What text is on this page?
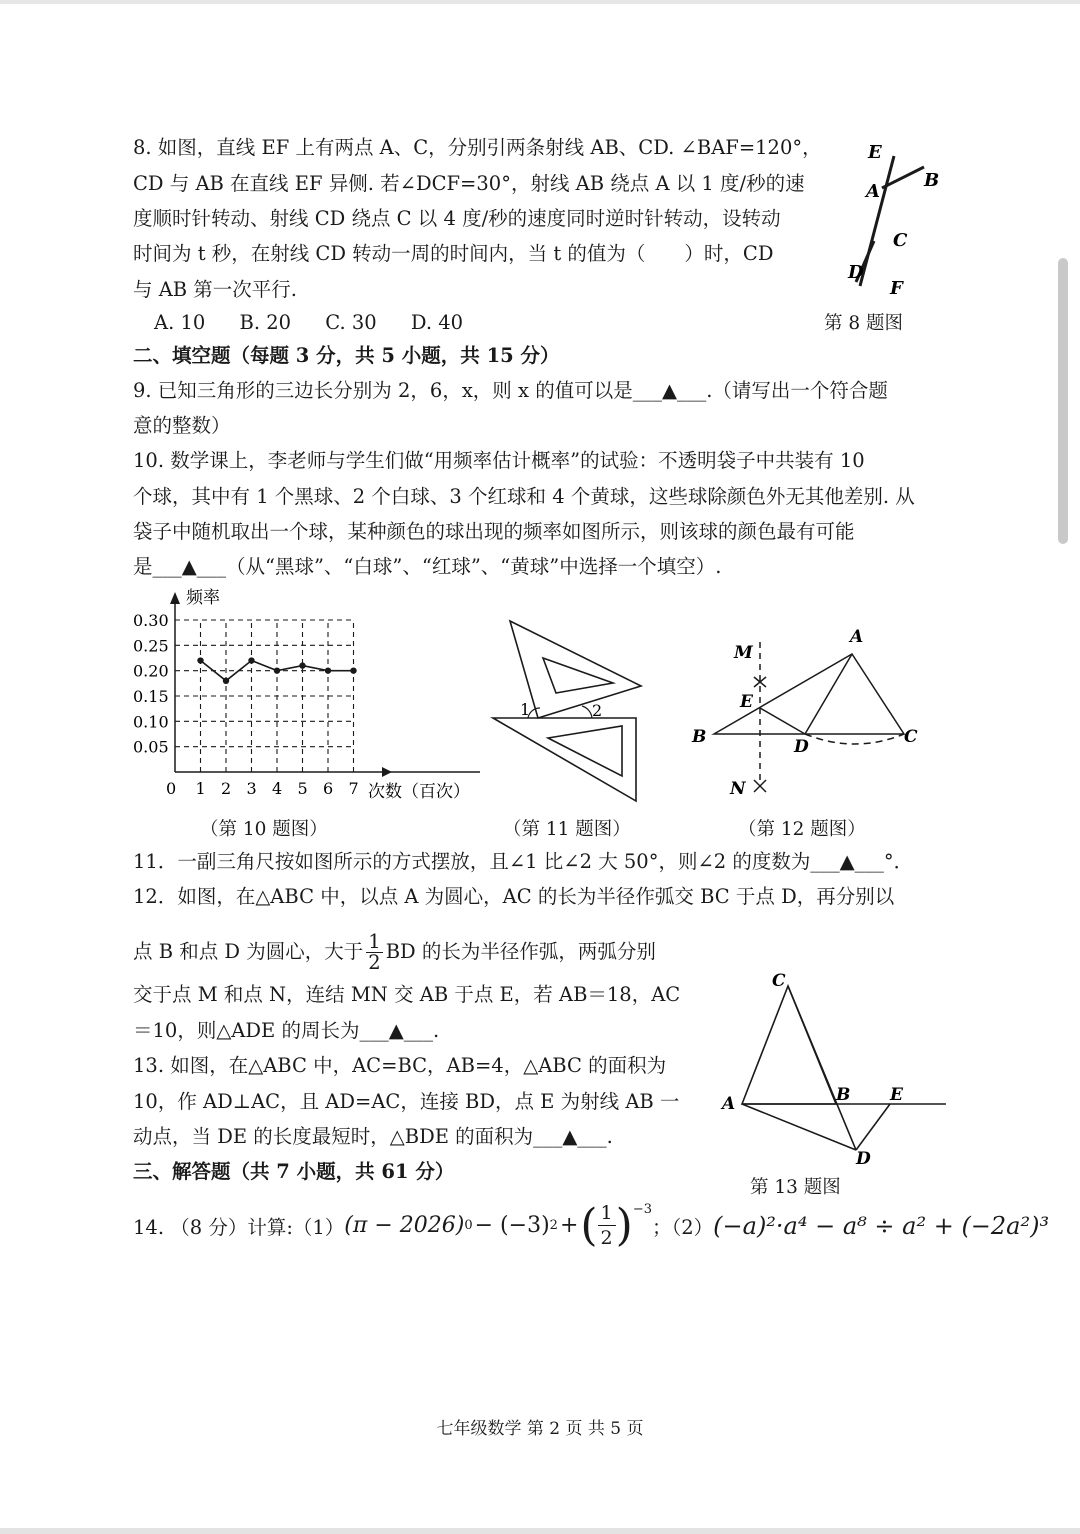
8. 如图，直线 EF 上有两点 A、C，分别引两条射线 AB、CD. ∠BAF=120°，
CD 与 AB 在直线 EF 异侧. 若∠DCF=30°，射线 AB 绕点 A 以 1 度/秒的速
度顺时针转动、射线 CD 绕点 C 以 4 度/秒的速度同时逆时针转动，设转动
时间为 t 秒，在射线 CD 转动一周的时间内，当 t 的值为（　　）时，CD
与 AB 第一次平行.
A. 10 B. 20 C. 30 D. 40
E
A
B
C
D
F
第 8 题图
二、填空题（每题 3 分，共 5 小题，共 15 分）
9. 已知三角形的三边长分别为 2，6，x，则 x 的值可以是___▲___.（请写出一个符合题
意的整数）
10. 数学课上，李老师与学生们做“用频率估计概率”的试验：不透明袋子中共装有 10
个球，其中有 1 个黑球、2 个白球、3 个红球和 4 个黄球，这些球除颜色外无其他差别. 从
袋子中随机取出一个球，某种颜色的球出现的频率如图所示，则该球的颜色最有可能
是___▲___（从“黑球”、“白球”、“红球”、“黄球”中选择一个填空）.
频率
0	次数（百次）
0.05
0.10
0.15
0.20
0.25
0.30
1 2 3 4 5 6 7
（第 10 题图）
1	2
（第 11 题图）
M
A
E
B	D	C
N
（第 12 题图）
11．一副三角尺按如图所示的方式摆放，且∠1 比∠2 大 50°，则∠2 的度数为___▲___°．
12．如图，在△ABC 中，以点 A 为圆心，AC 的长为半径作弧交 BC 于点 D，再分别以
点 B 和点 D 为圆心，大于 $\frac{1}{2}$ BD 的长为半径作弧，两弧分别
交于点 M 和点 N，连结 MN 交 AB 于点 E，若 AB＝18，AC
＝10，则△ADE 的周长为___▲___.
13. 如图，在△ABC 中，AC=BC，AB=4，△ABC 的面积为
10，作 AD⊥AC，且 AD=AC，连接 BD，点 E 为射线 AB 一
动点，当 DE 的长度最短时，△BDE 的面积为___▲___.
C
A	B E
D
第 13 题图
三、解答题（共 7 小题，共 61 分）
14. （8 分）计算:（1） (π − 2026) 0 − (−3) 2 + ( 1
2 )$^{-3}$
；（2） (−a)²·a⁴ − a⁸ ÷ a² + (−2a²)³
七年级数学 第 2 页 共 5 页
